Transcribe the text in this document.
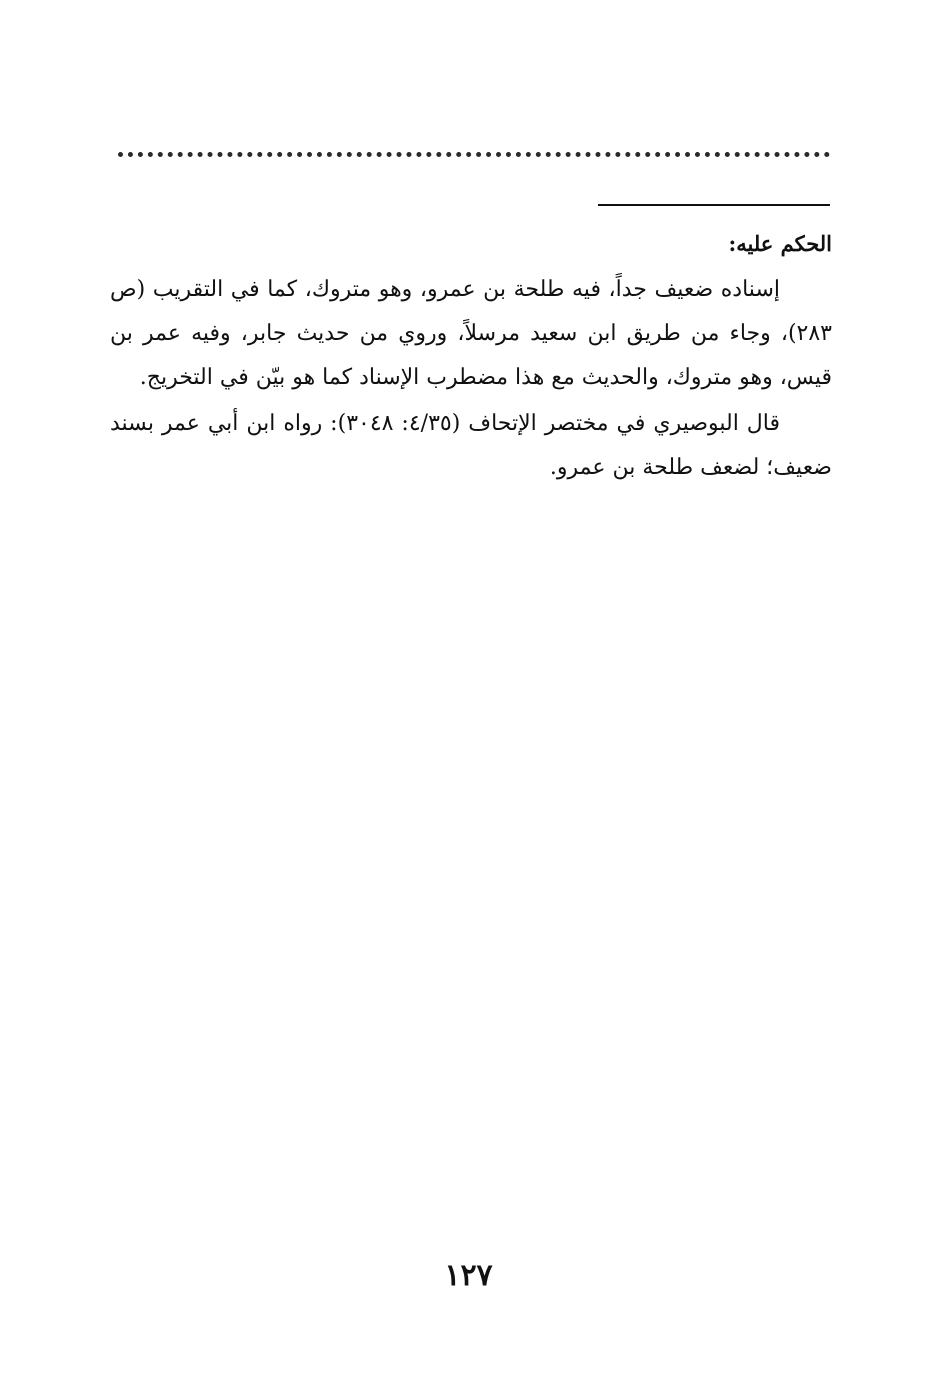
الحكم عليه:

إسناده ضعيف جداً، فيه طلحة بن عمرو، وهو متروك، كما في التقريب (ص ٢٨٣)، وجاء من طريق ابن سعيد مرسلاً، وروي من حديث جابر، وفيه عمر بن قيس، وهو متروك، والحديث مع هذا مضطرب الإسناد كما هو بيّن في التخريج.

قال البوصيري في مختصر الإتحاف (٤/٣٥: ٣٠٤٨): رواه ابن أبي عمر بسند ضعيف؛ لضعف طلحة بن عمرو.

١٢٧
